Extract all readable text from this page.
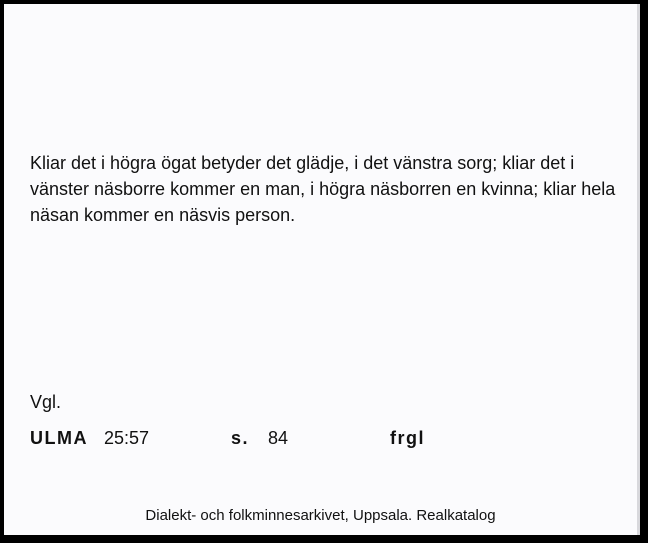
Kliar det i högra ögat betyder det glädje, i det vänstra sorg; kliar det i vänster näsborre kommer en man, i högra näsborren en kvinna; kliar hela näsan kommer en näsvis person.

Vgl.

ULMA 25:57	s. 84	frgl

Dialekt- och folkminnesarkivet, Uppsala. Realkatalog
